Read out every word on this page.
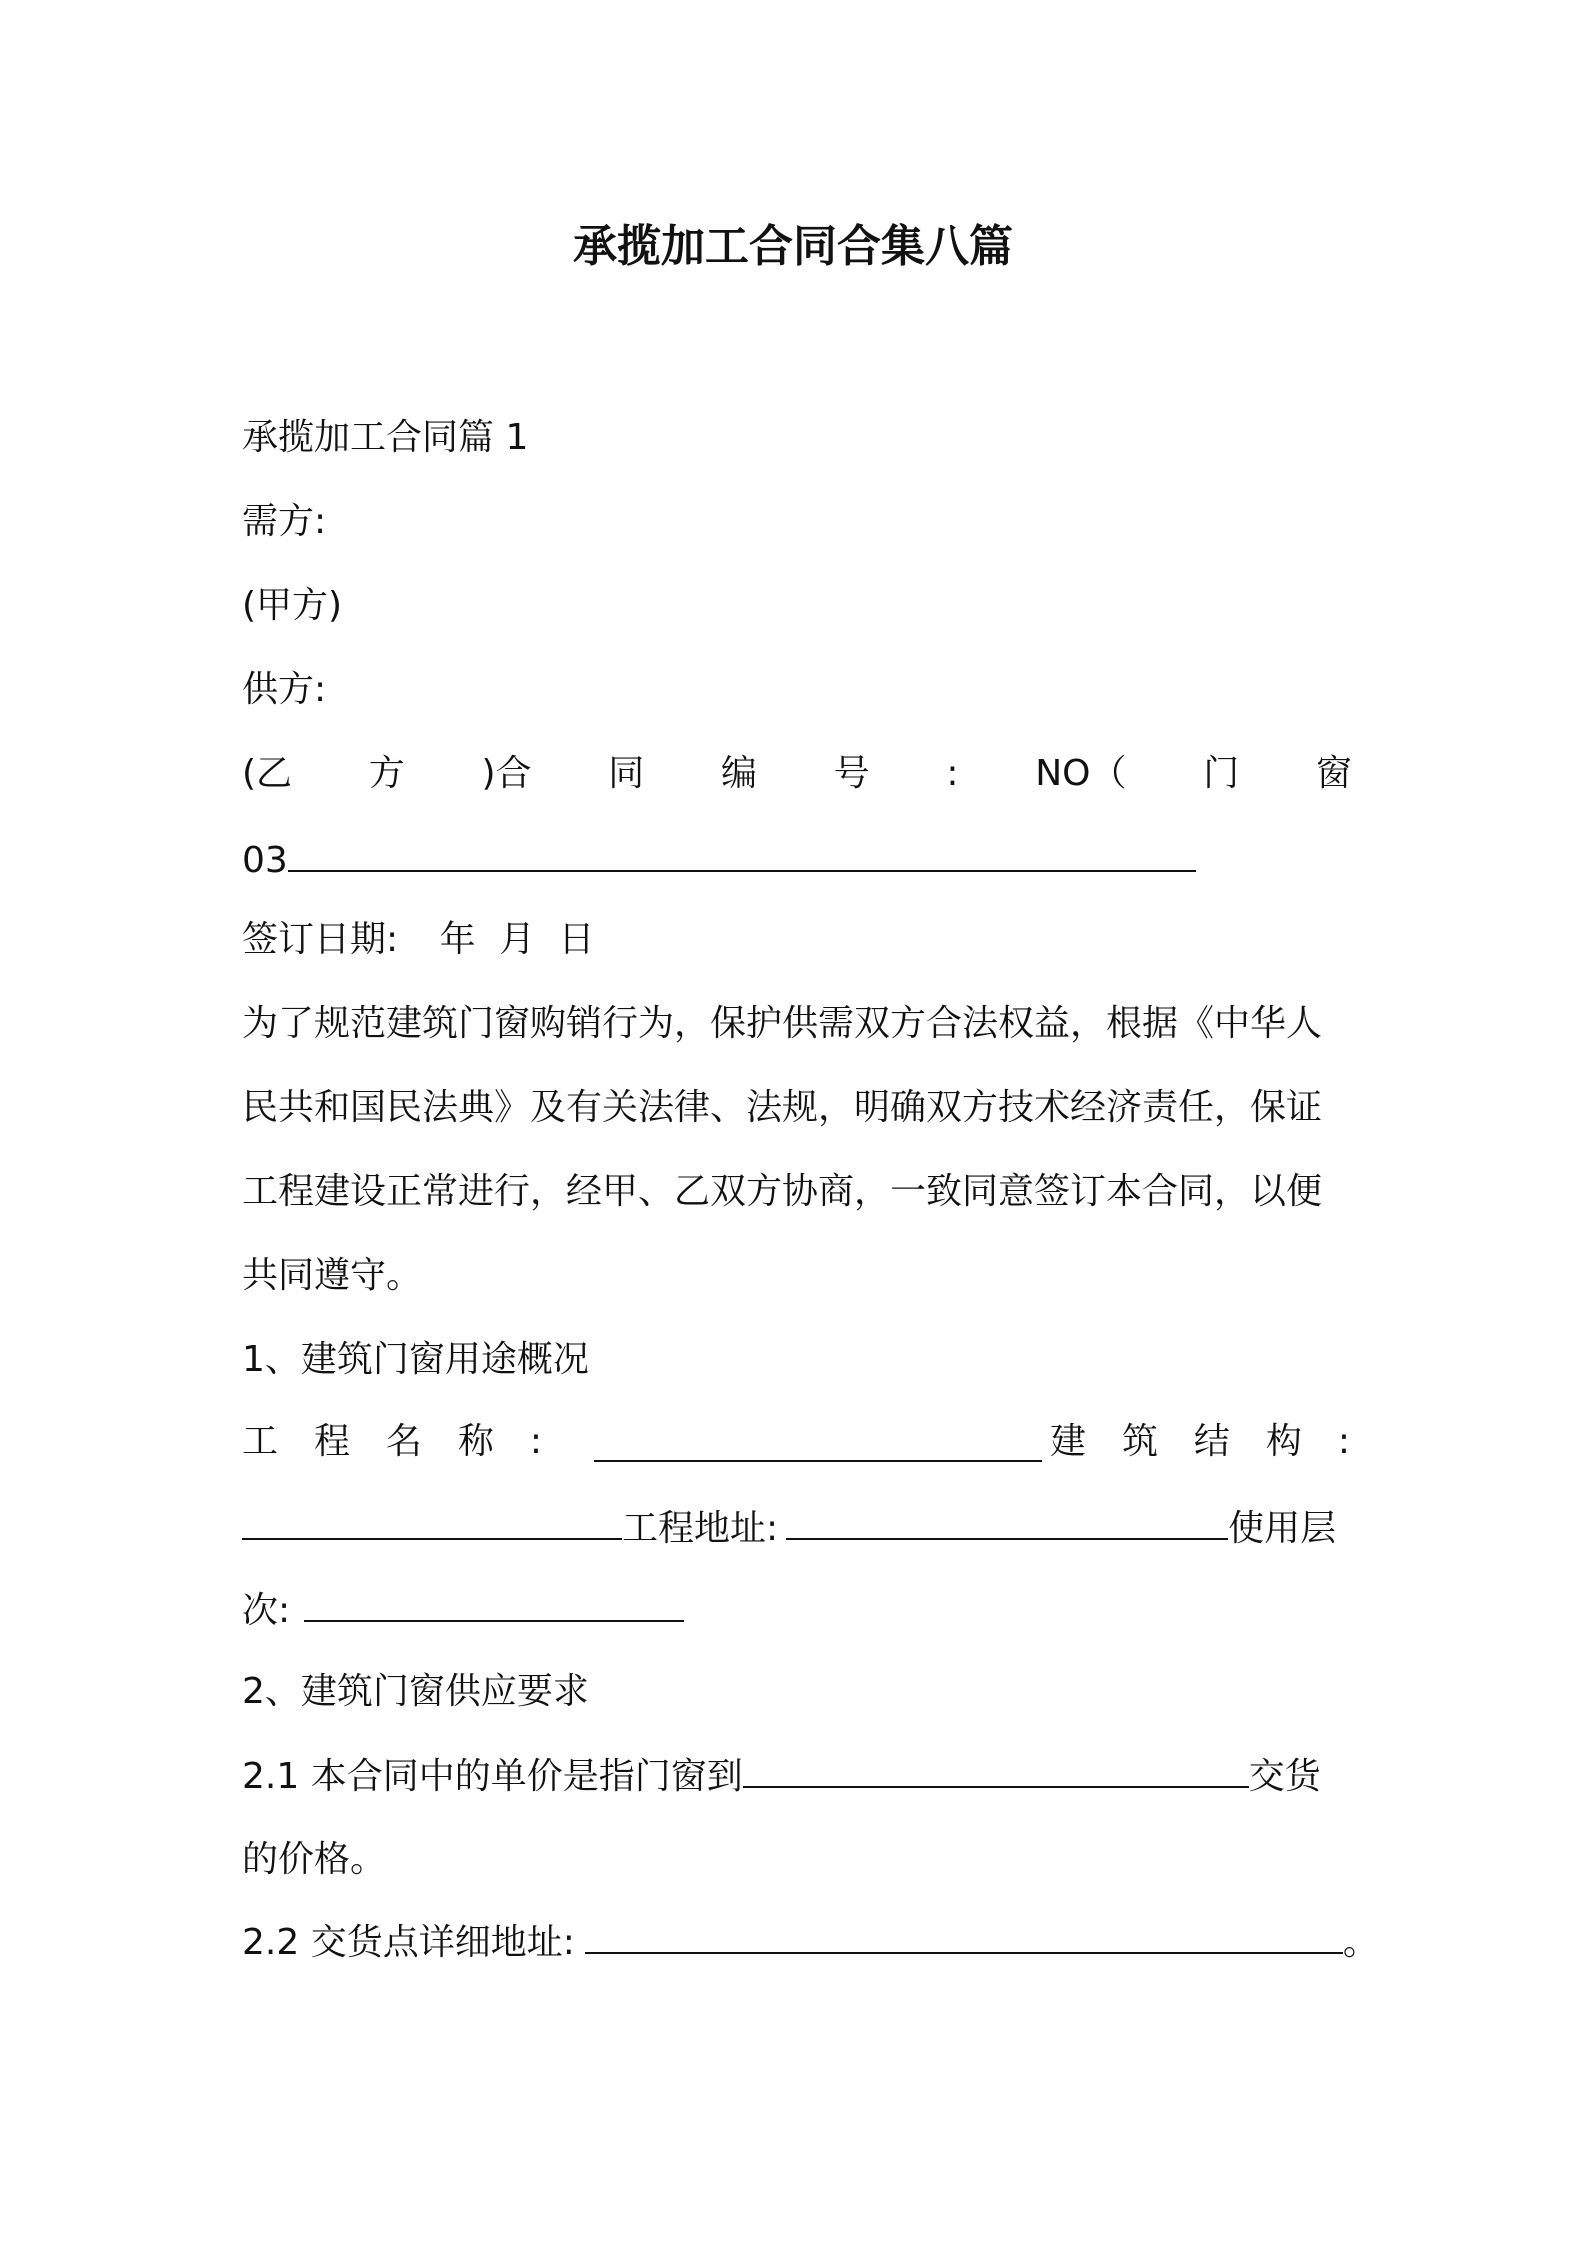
承揽加工合同合集八篇
承揽加工合同篇 1
需方:
(甲方)
供方:
(乙 方 )合 同 编 号 : NO（ 门 窗
03
签订日期: 年 月 日
为了规范建筑门窗购销行为，保护供需双方合法权益，根据《中华人
民共和国民法典》及有关法律、法规，明确双方技术经济责任，保证
工程建设正常进行，经甲、乙双方协商，一致同意签订本合同，以便
共同遵守。
1、建筑门窗用途概况
工 程 名 称 :	建 筑 结 构 :
工程地址:	使用层
次:
2、建筑门窗供应要求
2.1 本合同中的单价是指门窗到	交货
的价格。
2.2 交货点详细地址:	。
